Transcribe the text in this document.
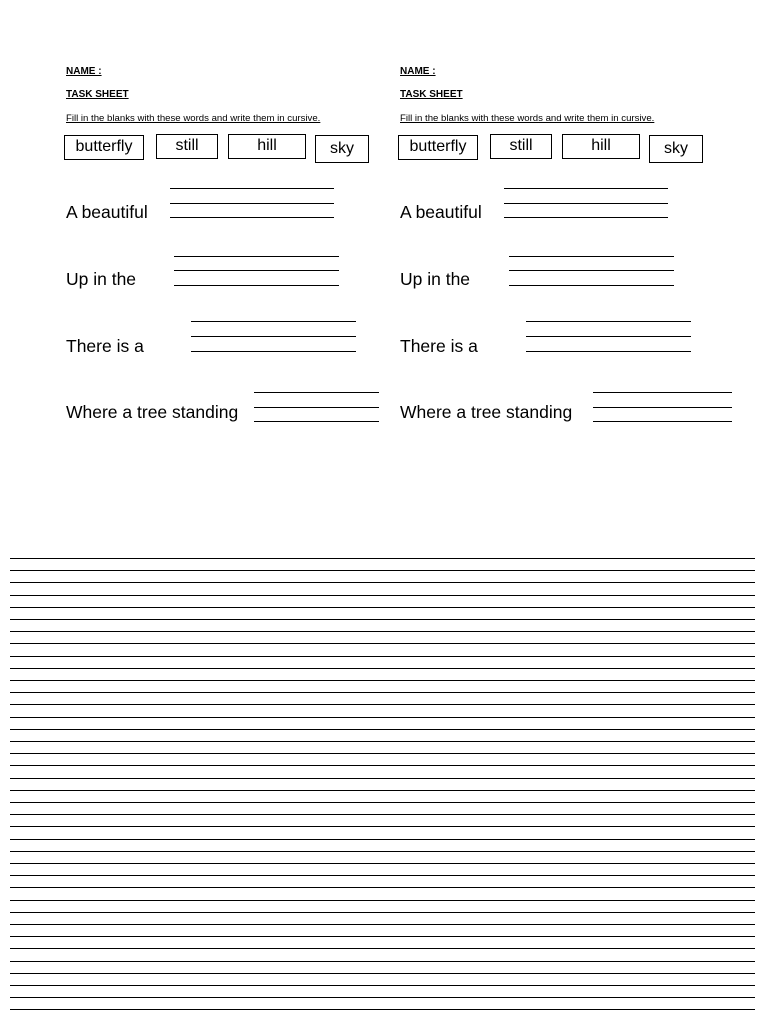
NAME :
TASK SHEET
Fill in the blanks with these words and write them in cursive.
butterfly	still	hill	sky
A beautiful
Up in the
There is a
Where a tree standing
NAME :
TASK SHEET
Fill in the blanks with these words and write them in cursive.
butterfly	still	hill	sky
A beautiful
Up in the
There is a
Where a tree standing
